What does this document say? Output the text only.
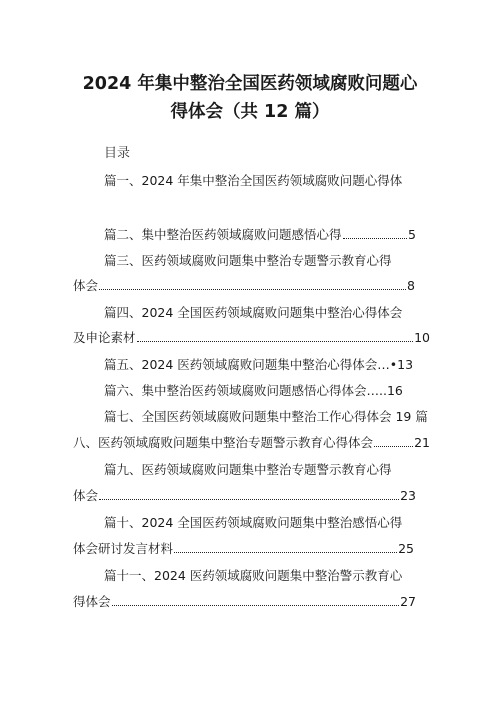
2024 年集中整治全国医药领域腐败问题心
得体会（共 12 篇）
目录
篇一、2024 年集中整治全国医药领域腐败问题心得体
篇二、集中整治医药领域腐败问题感悟心得	5
篇三、医药领域腐败问题集中整治专题警示教育心得
体会	8
篇四、2024 全国医药领域腐败问题集中整治心得体会
及申论素材	10
篇五、2024 医药领域腐败问题集中整治心得体会…•13
篇六、集中整治医药领域腐败问题感悟心得体会…..16
篇七、全国医药领域腐败问题集中整治工作心得体会 19 篇
八、医药领域腐败问题集中整治专题警示教育心得体会	21
篇九、医药领域腐败问题集中整治专题警示教育心得
体会	23
篇十、2024 全国医药领域腐败问题集中整治感悟心得
体会研讨发言材料	25
篇十一、2024 医药领域腐败问题集中整治警示教育心
得体会	27
